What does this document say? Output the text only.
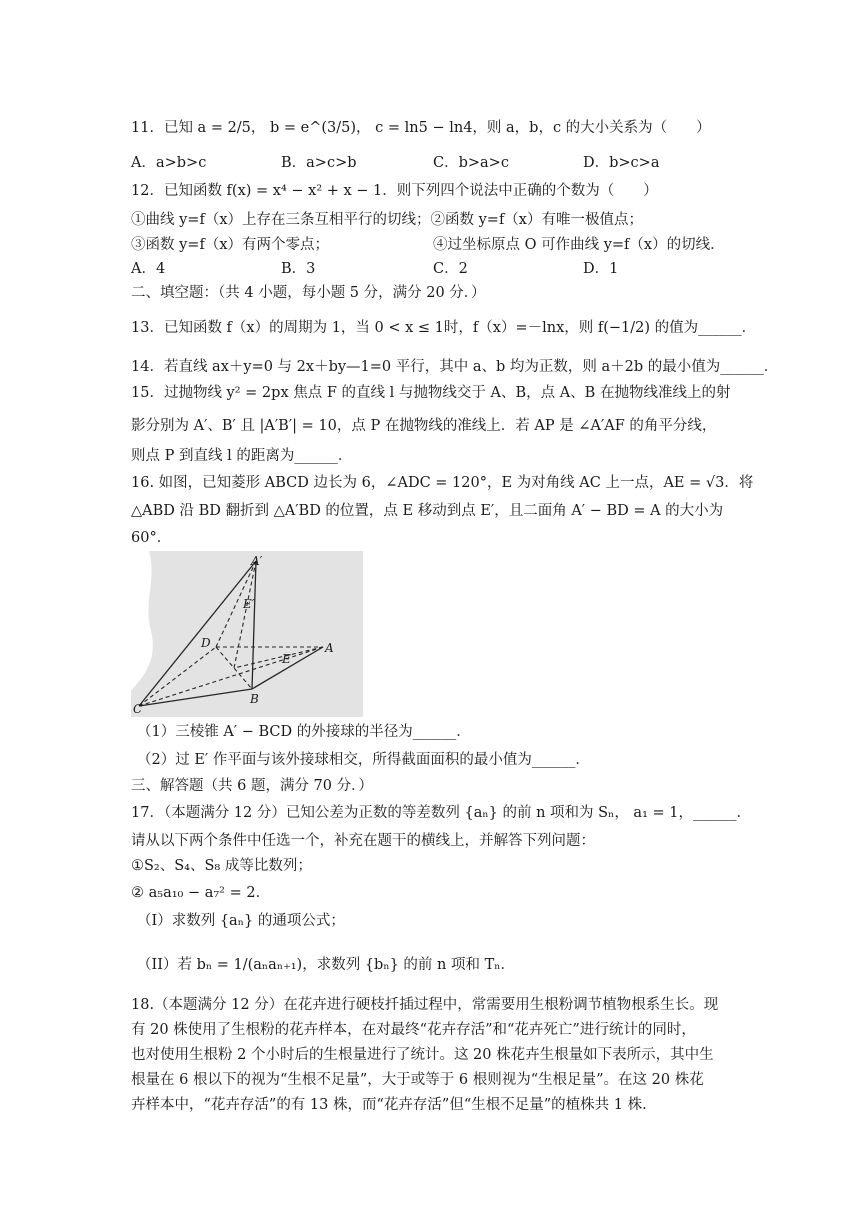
11．已知 a = 2/5， b = e^(3/5)， c = ln5 − ln4，则 a，b，c 的大小关系为（　　）
A．a>b>c	B．a>c>b	C．b>a>c	D．b>c>a
12．已知函数 f(x) = x⁴ − x² + x − 1．则下列四个说法中正确的个数为（　　）
①曲线 y=f（x）上存在三条互相平行的切线；②函数 y=f（x）有唯一极值点；
③函数 y=f（x）有两个零点；	④过坐标原点 O 可作曲线 y=f（x）的切线．
A．4	B．3	C．2	D．1
二、填空题：（共 4 小题，每小题 5 分，满分 20 分．）
13．已知函数 f（x）的周期为 1，当 0 < x ≤ 1时，f（x）=－lnx，则 f(−1/2) 的值为______．
14．若直线 ax＋y=0 与 2x＋by—1=0 平行，其中 a、b 均为正数，则 a＋2b 的最小值为______．
15．过抛物线 y² = 2px 焦点 F 的直线 l 与抛物线交于 A、B，点 A、B 在抛物线准线上的射
影分别为 A′、B′ 且 |A′B′| = 10，点 P 在抛物线的准线上．若 AP 是 ∠A′AF 的角平分线，
则点 P 到直线 l 的距离为______．
16. 如图，已知菱形 ABCD 边长为 6，∠ADC = 120°，E 为对角线 AC 上一点，AE = √3．将
△ABD 沿 BD 翻折到 △A′BD 的位置，点 E 移动到点 E′，且二面角 A′ − BD = A 的大小为
60°．
A′
E′
D	A
E
B
C
（1）三棱锥 A′ − BCD 的外接球的半径为______．
（2）过 E′ 作平面与该外接球相交，所得截面面积的最小值为______．
三、解答题（共 6 题，满分 70 分．）
17．（本题满分 12 分）已知公差为正数的等差数列 {aₙ} 的前 n 项和为 Sₙ， a₁ = 1，______．
请从以下两个条件中任选一个，补充在题干的横线上，并解答下列问题：
①S₂、S₄、S₈ 成等比数列；
② a₅a₁₀ − a₇² = 2．
（I）求数列 {aₙ} 的通项公式；
（II）若 bₙ = 1/(aₙaₙ₊₁)，求数列 {bₙ} 的前 n 项和 Tₙ．
18.（本题满分 12 分）在花卉进行硬枝扦插过程中，常需要用生根粉调节植物根系生长。现
有 20 株使用了生根粉的花卉样本，在对最终“花卉存活”和“花卉死亡”进行统计的同时，
也对使用生根粉 2 个小时后的生根量进行了统计。这 20 株花卉生根量如下表所示，其中生
根量在 6 根以下的视为“生根不足量”，大于或等于 6 根则视为“生根足量”。在这 20 株花
卉样本中，“花卉存活”的有 13 株，而“花卉存活”但“生根不足量”的植株共 1 株.
